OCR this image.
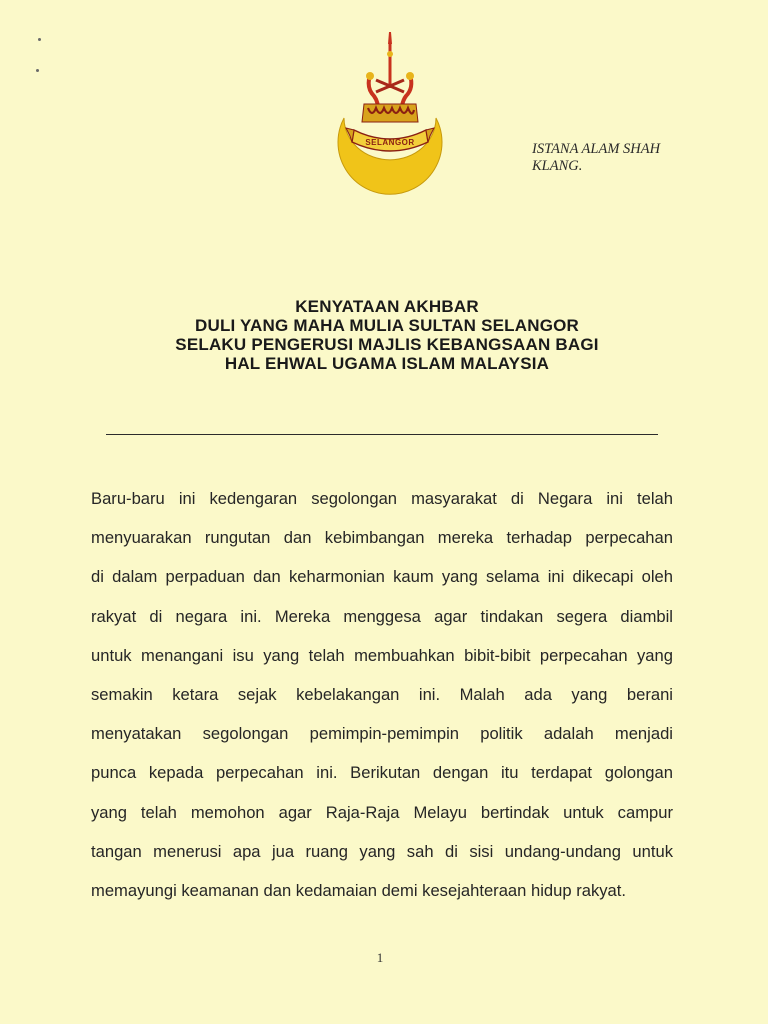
SELANGOR	ISTANA ALAM SHAH
KLANG.
KENYATAAN AKHBAR
DULI YANG MAHA MULIA SULTAN SELANGOR
SELAKU PENGERUSI MAJLIS KEBANGSAAN BAGI
HAL EHWAL UGAMA ISLAM MALAYSIA
Baru-baru ini kedengaran segolongan masyarakat di Negara ini telah
menyuarakan rungutan dan kebimbangan mereka terhadap perpecahan
di dalam perpaduan dan keharmonian kaum yang selama ini dikecapi oleh
rakyat di negara ini. Mereka menggesa agar tindakan segera diambil
untuk menangani isu yang telah membuahkan bibit-bibit perpecahan yang
semakin ketara sejak kebelakangan ini. Malah ada yang berani
menyatakan segolongan pemimpin-pemimpin politik adalah menjadi
punca kepada perpecahan ini. Berikutan dengan itu terdapat golongan
yang telah memohon agar Raja-Raja Melayu bertindak untuk campur
tangan menerusi apa jua ruang yang sah di sisi undang-undang untuk
memayungi keamanan dan kedamaian demi kesejahteraan hidup rakyat.
1
